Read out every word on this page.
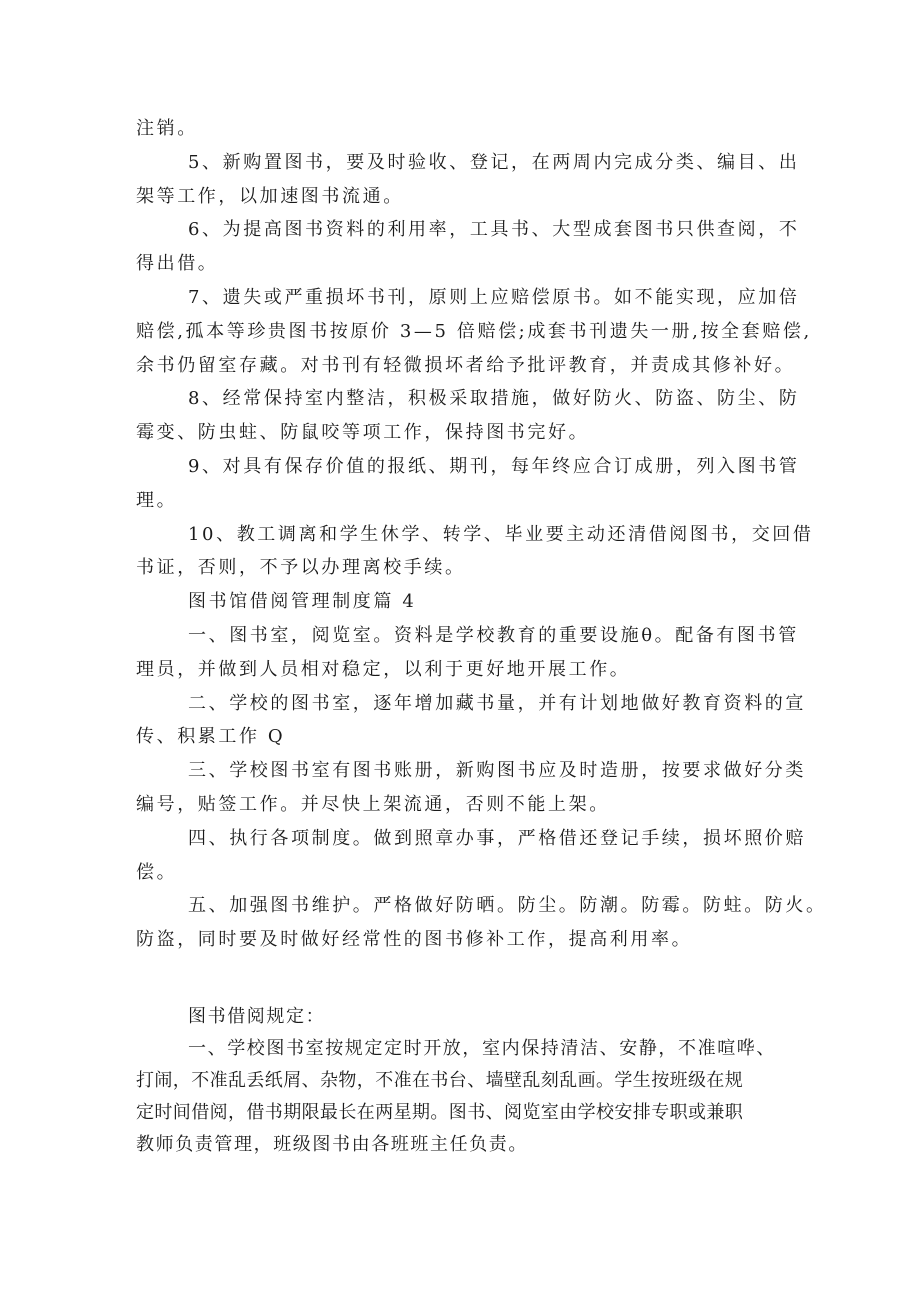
注销。

5、新购置图书，要及时验收、登记，在两周内完成分类、编目、出

架等工作，以加速图书流通。

6、为提高图书资料的利用率，工具书、大型成套图书只供查阅，不

得出借。

7、遗失或严重损坏书刊，原则上应赔偿原书。如不能实现，应加倍

赔偿,孤本等珍贵图书按原价 3—5 倍赔偿;成套书刊遗失一册,按全套赔偿,

余书仍留室存藏。对书刊有轻微损坏者给予批评教育，并责成其修补好。

8、经常保持室内整洁，积极采取措施，做好防火、防盗、防尘、防

霉变、防虫蛀、防鼠咬等项工作，保持图书完好。

9、对具有保存价值的报纸、期刊，每年终应合订成册，列入图书管

理。

10、教工调离和学生休学、转学、毕业要主动还清借阅图书，交回借

书证，否则，不予以办理离校手续。

图书馆借阅管理制度篇 4

一、图书室，阅览室。资料是学校教育的重要设施θ。配备有图书管

理员，并做到人员相对稳定，以利于更好地开展工作。

二、学校的图书室，逐年增加藏书量，并有计划地做好教育资料的宣

传、积累工作 Q

三、学校图书室有图书账册，新购图书应及时造册，按要求做好分类

编号，贴签工作。并尽快上架流通，否则不能上架。

四、执行各项制度。做到照章办事，严格借还登记手续，损坏照价赔

偿。

五、加强图书维护。严格做好防晒。防尘。防潮。防霉。防蛀。防火。

防盗，同时要及时做好经常性的图书修补工作，提高利用率。

图书借阅规定：

一、学校图书室按规定定时开放，室内保持清洁、安静，不准喧哗、

打闹，不准乱丢纸屑、杂物，不准在书台、墙壁乱刻乱画。学生按班级在规

定时间借阅，借书期限最长在两星期。图书、阅览室由学校安排专职或兼职

教师负责管理，班级图书由各班班主任负责。
